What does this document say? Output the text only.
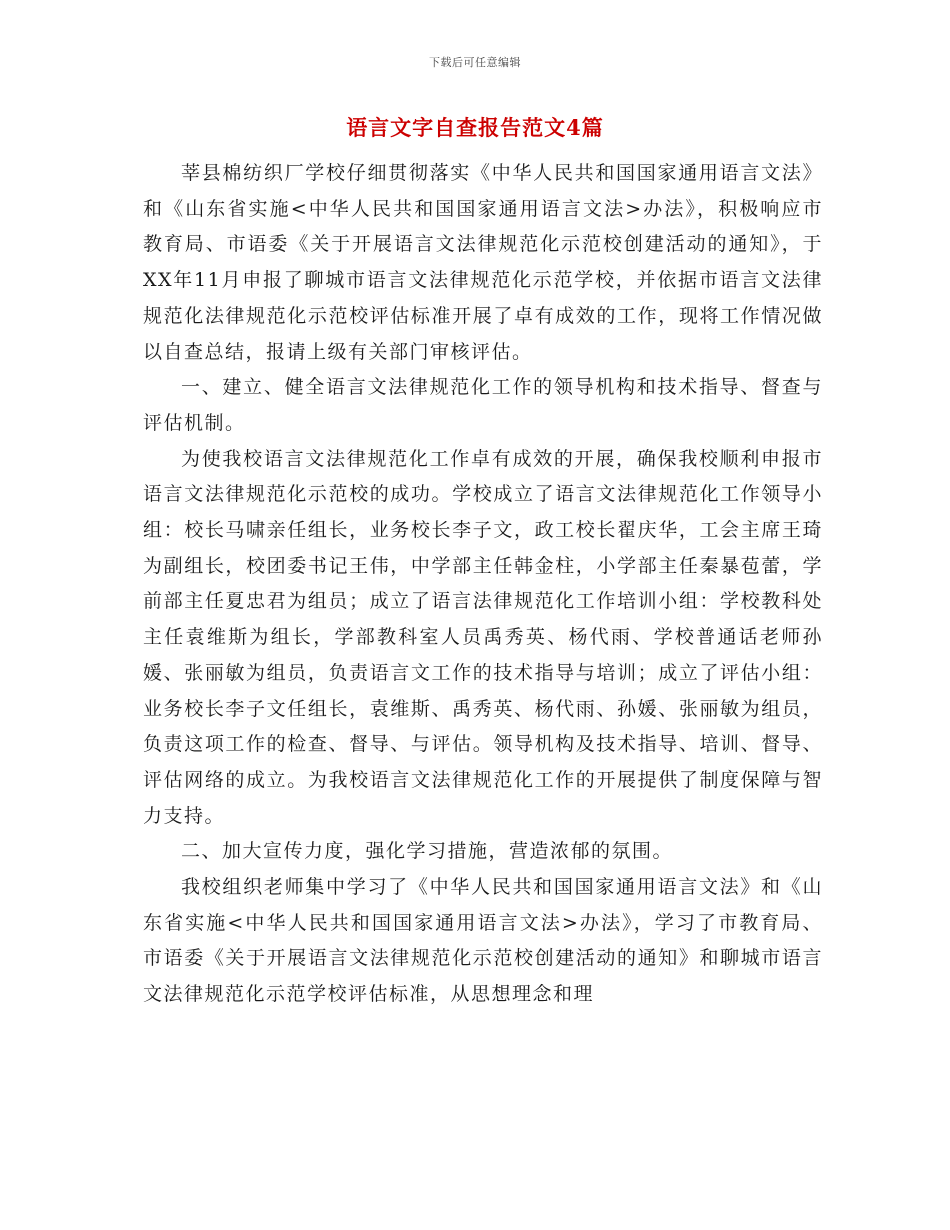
下载后可任意编辑
语言文字自查报告范文4篇

莘县棉纺织厂学校仔细贯彻落实《中华人民共和国国家通用语言文法》和《山东省实施<中华人民共和国国家通用语言文法>办法》，积极响应市教育局、市语委《关于开展语言文法律规范化示范校创建活动的通知》，于XX年11月申报了聊城市语言文法律规范化示范学校，并依据市语言文法律规范化法律规范化示范校评估标准开展了卓有成效的工作，现将工作情况做以自查总结，报请上级有关部门审核评估。

一、建立、健全语言文法律规范化工作的领导机构和技术指导、督查与评估机制。

为使我校语言文法律规范化工作卓有成效的开展，确保我校顺利申报市语言文法律规范化示范校的成功。学校成立了语言文法律规范化工作领导小组：校长马啸亲任组长，业务校长李子文，政工校长翟庆华，工会主席王琦为副组长，校团委书记王伟，中学部主任韩金柱，小学部主任秦暴苞蕾，学前部主任夏忠君为组员；成立了语言法律规范化工作培训小组：学校教科处主任袁维斯为组长，学部教科室人员禹秀英、杨代雨、学校普通话老师孙媛、张丽敏为组员，负责语言文工作的技术指导与培训；成立了评估小组：业务校长李子文任组长，袁维斯、禹秀英、杨代雨、孙媛、张丽敏为组员，负责这项工作的检查、督导、与评估。领导机构及技术指导、培训、督导、评估网络的成立。为我校语言文法律规范化工作的开展提供了制度保障与智力支持。

二、加大宣传力度，强化学习措施，营造浓郁的氛围。

我校组织老师集中学习了《中华人民共和国国家通用语言文法》和《山东省实施<中华人民共和国国家通用语言文法>办法》，学习了市教育局、市语委《关于开展语言文法律规范化示范校创建活动的通知》和聊城市语言文法律规范化示范学校评估标准，从思想理念和理
